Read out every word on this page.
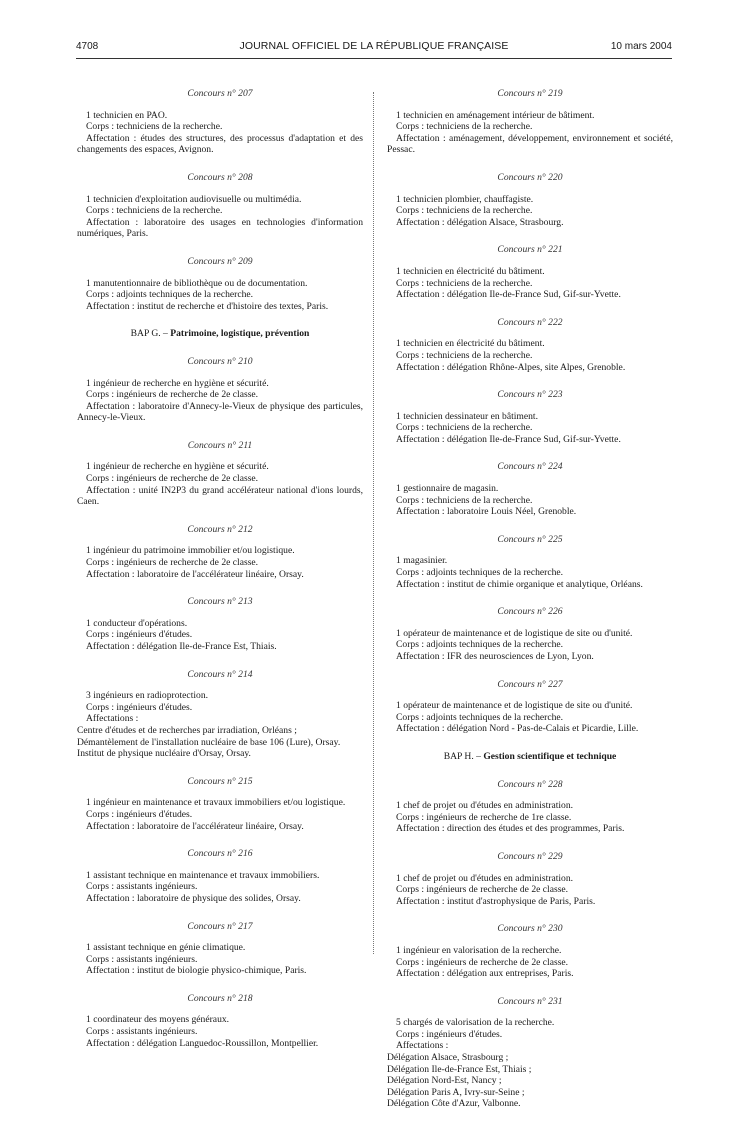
4708	JOURNAL OFFICIEL DE LA RÉPUBLIQUE FRANÇAISE	10 mars 2004
Concours n° 207
1 technicien en PAO.
Corps : techniciens de la recherche.
Affectation : études des structures, des processus d'adaptation et des changements des espaces, Avignon.
Concours n° 208
1 technicien d'exploitation audiovisuelle ou multimédia.
Corps : techniciens de la recherche.
Affectation : laboratoire des usages en technologies d'information numériques, Paris.
Concours n° 209
1 manutentionnaire de bibliothèque ou de documentation.
Corps : adjoints techniques de la recherche.
Affectation : institut de recherche et d'histoire des textes, Paris.
BAP G. – Patrimoine, logistique, prévention
Concours n° 210
1 ingénieur de recherche en hygiène et sécurité.
Corps : ingénieurs de recherche de 2e classe.
Affectation : laboratoire d'Annecy-le-Vieux de physique des particules, Annecy-le-Vieux.
Concours n° 211
1 ingénieur de recherche en hygiène et sécurité.
Corps : ingénieurs de recherche de 2e classe.
Affectation : unité IN2P3 du grand accélérateur national d'ions lourds, Caen.
Concours n° 212
1 ingénieur du patrimoine immobilier et/ou logistique.
Corps : ingénieurs de recherche de 2e classe.
Affectation : laboratoire de l'accélérateur linéaire, Orsay.
Concours n° 213
1 conducteur d'opérations.
Corps : ingénieurs d'études.
Affectation : délégation Ile-de-France Est, Thiais.
Concours n° 214
3 ingénieurs en radioprotection.
Corps : ingénieurs d'études.
Affectations :
Centre d'études et de recherches par irradiation, Orléans ;
Démantèlement de l'installation nucléaire de base 106 (Lure), Orsay.
Institut de physique nucléaire d'Orsay, Orsay.
Concours n° 215
1 ingénieur en maintenance et travaux immobiliers et/ou logistique.
Corps : ingénieurs d'études.
Affectation : laboratoire de l'accélérateur linéaire, Orsay.
Concours n° 216
1 assistant technique en maintenance et travaux immobiliers.
Corps : assistants ingénieurs.
Affectation : laboratoire de physique des solides, Orsay.
Concours n° 217
1 assistant technique en génie climatique.
Corps : assistants ingénieurs.
Affectation : institut de biologie physico-chimique, Paris.
Concours n° 218
1 coordinateur des moyens généraux.
Corps : assistants ingénieurs.
Affectation : délégation Languedoc-Roussillon, Montpellier.
Concours n° 219
1 technicien en aménagement intérieur de bâtiment.
Corps : techniciens de la recherche.
Affectation : aménagement, développement, environnement et société, Pessac.
Concours n° 220
1 technicien plombier, chauffagiste.
Corps : techniciens de la recherche.
Affectation : délégation Alsace, Strasbourg.
Concours n° 221
1 technicien en électricité du bâtiment.
Corps : techniciens de la recherche.
Affectation : délégation Ile-de-France Sud, Gif-sur-Yvette.
Concours n° 222
1 technicien en électricité du bâtiment.
Corps : techniciens de la recherche.
Affectation : délégation Rhône-Alpes, site Alpes, Grenoble.
Concours n° 223
1 technicien dessinateur en bâtiment.
Corps : techniciens de la recherche.
Affectation : délégation Ile-de-France Sud, Gif-sur-Yvette.
Concours n° 224
1 gestionnaire de magasin.
Corps : techniciens de la recherche.
Affectation : laboratoire Louis Néel, Grenoble.
Concours n° 225
1 magasinier.
Corps : adjoints techniques de la recherche.
Affectation : institut de chimie organique et analytique, Orléans.
Concours n° 226
1 opérateur de maintenance et de logistique de site ou d'unité.
Corps : adjoints techniques de la recherche.
Affectation : IFR des neurosciences de Lyon, Lyon.
Concours n° 227
1 opérateur de maintenance et de logistique de site ou d'unité.
Corps : adjoints techniques de la recherche.
Affectation : délégation Nord - Pas-de-Calais et Picardie, Lille.
BAP H. – Gestion scientifique et technique
Concours n° 228
1 chef de projet ou d'études en administration.
Corps : ingénieurs de recherche de 1re classe.
Affectation : direction des études et des programmes, Paris.
Concours n° 229
1 chef de projet ou d'études en administration.
Corps : ingénieurs de recherche de 2e classe.
Affectation : institut d'astrophysique de Paris, Paris.
Concours n° 230
1 ingénieur en valorisation de la recherche.
Corps : ingénieurs de recherche de 2e classe.
Affectation : délégation aux entreprises, Paris.
Concours n° 231
5 chargés de valorisation de la recherche.
Corps : ingénieurs d'études.
Affectations :
Délégation Alsace, Strasbourg ;
Délégation Ile-de-France Est, Thiais ;
Délégation Nord-Est, Nancy ;
Délégation Paris A, Ivry-sur-Seine ;
Délégation Côte d'Azur, Valbonne.
